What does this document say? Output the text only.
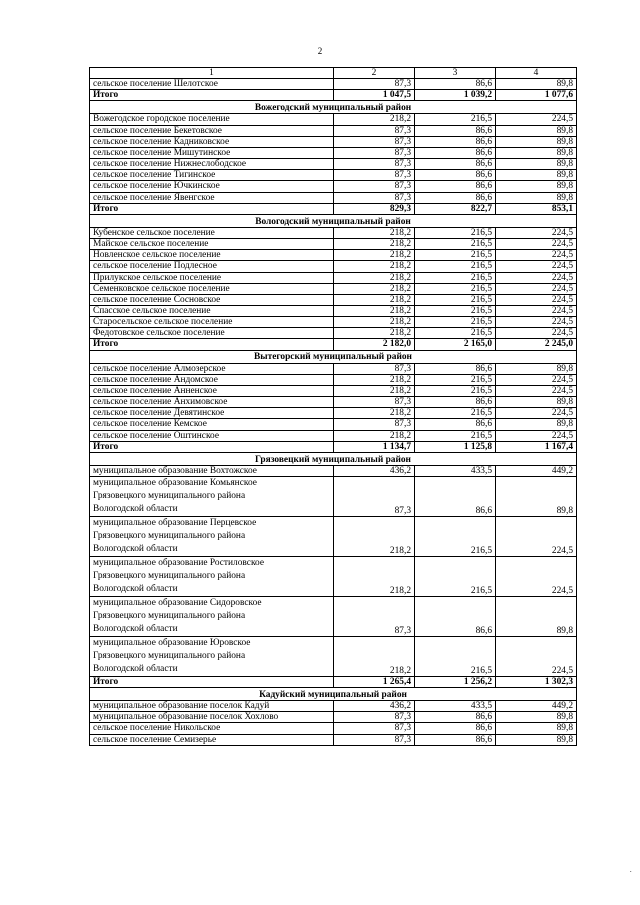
2
1	2	3	4
сельское поселение Шелотское	87,3	86,6	89,8
Итого	1 047,5	1 039,2	1 077,6
Вожегодский муниципальный район			
Вожегодское городское поселение	218,2	216,5	224,5
сельское поселение Бекетовское	87,3	86,6	89,8
сельское поселение Кадниковское	87,3	86,6	89,8
сельское поселение Мишутинское	87,3	86,6	89,8
сельское поселение Нижнеслободское	87,3	86,6	89,8
сельское поселение Тигинское	87,3	86,6	89,8
сельское поселение Ючкинское	87,3	86,6	89,8
сельское поселение Явенгское	87,3	86,6	89,8
Итого	829,3	822,7	853,1
Вологодский муниципальный район			
Кубенское сельское поселение	218,2	216,5	224,5
Майское сельское поселение	218,2	216,5	224,5
Новленское сельское поселение	218,2	216,5	224,5
сельское поселение Подлесное	218,2	216,5	224,5
Прилукское сельское поселение	218,2	216,5	224,5
Семенковское сельское поселение	218,2	216,5	224,5
сельское поселение Сосновское	218,2	216,5	224,5
Спасское сельское поселение	218,2	216,5	224,5
Старосельское сельское поселение	218,2	216,5	224,5
Федотовское сельское поселение	218,2	216,5	224,5
Итого	2 182,0	2 165,0	2 245,0
Вытегорский муниципальный район			
сельское поселение Алмозерское	87,3	86,6	89,8
сельское поселение Андомское	218,2	216,5	224,5
сельское поселение Анненское	218,2	216,5	224,5
сельское поселение Анхимовское	87,3	86,6	89,8
сельское поселение Девятинское	218,2	216,5	224,5
сельское поселение Кемское	87,3	86,6	89,8
сельское поселение Оштинское	218,2	216,5	224,5
Итого	1 134,7	1 125,8	1 167,4
Грязовецкий муниципальный район			
муниципальное образование Вохтожское	436,2	433,5	449,2

муниципальное образование Комьянское
Грязовецкого муниципального района
Вологодской области	87,3	86,6	89,8

муниципальное образование Перцевское
Грязовецкого муниципального района
Вологодской области	218,2	216,5	224,5

муниципальное образование Ростиловское
Грязовецкого муниципального района
Вологодской области	218,2	216,5	224,5

муниципальное образование Сидоровское
Грязовецкого муниципального района
Вологодской области	87,3	86,6	89,8

муниципальное образование Юровское
Грязовецкого муниципального района
Вологодской области	218,2	216,5	224,5
Итого	1 265,4	1 256,2	1 302,3
Кадуйский муниципальный район			
муниципальное образование поселок Кадуй	436,2	433,5	449,2
муниципальное образование поселок Хохлово	87,3	86,6	89,8
сельское поселение Никольское	87,3	86,6	89,8
сельское поселение Семизерье	87,3	86,6	89,8
·
